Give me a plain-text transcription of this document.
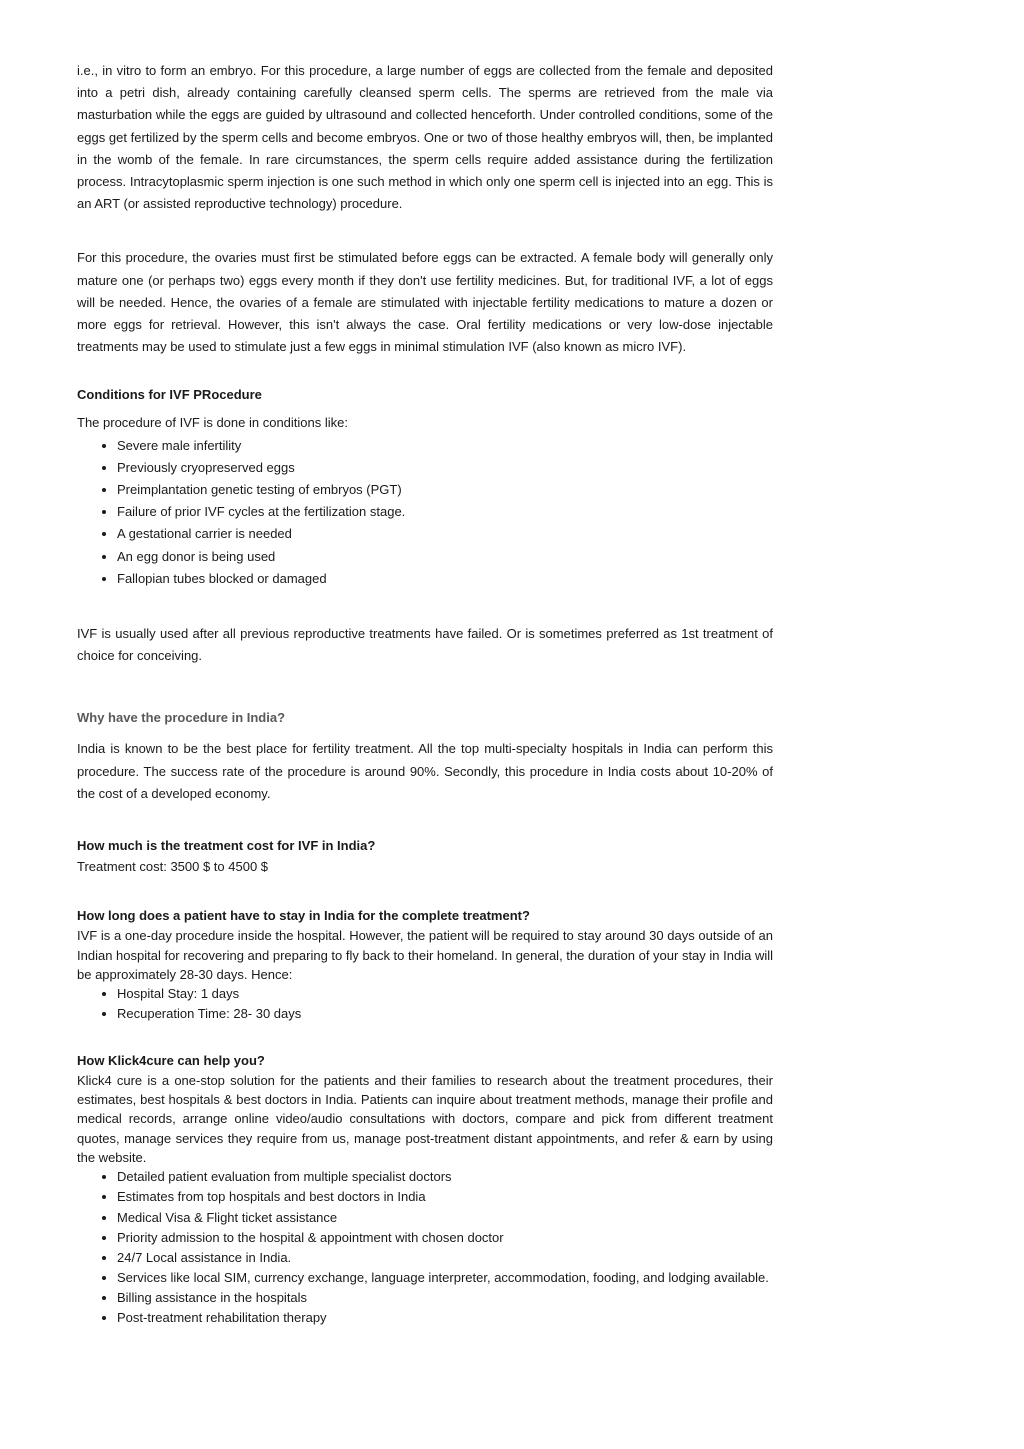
i.e., in vitro to form an embryo. For this procedure, a large number of eggs are collected from the female and deposited into a petri dish, already containing carefully cleansed sperm cells. The sperms are retrieved from the male via masturbation while the eggs are guided by ultrasound and collected henceforth. Under controlled conditions, some of the eggs get fertilized by the sperm cells and become embryos. One or two of those healthy embryos will, then, be implanted in the womb of the female. In rare circumstances, the sperm cells require added assistance during the fertilization process. Intracytoplasmic sperm injection is one such method in which only one sperm cell is injected into an egg. This is an ART (or assisted reproductive technology) procedure.

For this procedure, the ovaries must first be stimulated before eggs can be extracted. A female body will generally only mature one (or perhaps two) eggs every month if they don't use fertility medicines. But, for traditional IVF, a lot of eggs will be needed. Hence, the ovaries of a female are stimulated with injectable fertility medications to mature a dozen or more eggs for retrieval. However, this isn't always the case. Oral fertility medications or very low-dose injectable treatments may be used to stimulate just a few eggs in minimal stimulation IVF (also known as micro IVF).

Conditions for IVF PRocedure

The procedure of IVF is done in conditions like:

• Severe male infertility
• Previously cryopreserved eggs
• Preimplantation genetic testing of embryos (PGT)
• Failure of prior IVF cycles at the fertilization stage.
• A gestational carrier is needed
• An egg donor is being used
• Fallopian tubes blocked or damaged

IVF is usually used after all previous reproductive treatments have failed. Or is sometimes preferred as 1st treatment of choice for conceiving.

Why have the procedure in India?

India is known to be the best place for fertility treatment. All the top multi-specialty hospitals in India can perform this procedure. The success rate of the procedure is around 90%. Secondly, this procedure in India costs about 10-20% of the cost of a developed economy.

How much is the treatment cost for IVF in India?

Treatment cost: 3500 $ to 4500 $

How long does a patient have to stay in India for the complete treatment?

IVF is a one-day procedure inside the hospital. However, the patient will be required to stay around 30 days outside of an Indian hospital for recovering and preparing to fly back to their homeland. In general, the duration of your stay in India will be approximately 28-30 days. Hence:

• Hospital Stay: 1 days
• Recuperation Time: 28- 30 days
How Klick4cure can help you?

Klick4 cure is a one-stop solution for the patients and their families to research about the treatment procedures, their estimates, best hospitals & best doctors in India. Patients can inquire about treatment methods, manage their profile and medical records, arrange online video/audio consultations with doctors, compare and pick from different treatment quotes, manage services they require from us, manage post-treatment distant appointments, and refer & earn by using the website.

• Detailed patient evaluation from multiple specialist doctors
• Estimates from top hospitals and best doctors in India
• Medical Visa & Flight ticket assistance
• Priority admission to the hospital & appointment with chosen doctor
• 24/7 Local assistance in India.
• Services like local SIM, currency exchange, language interpreter, accommodation, fooding, and lodging available.
• Billing assistance in the hospitals
• Post-treatment rehabilitation therapy
